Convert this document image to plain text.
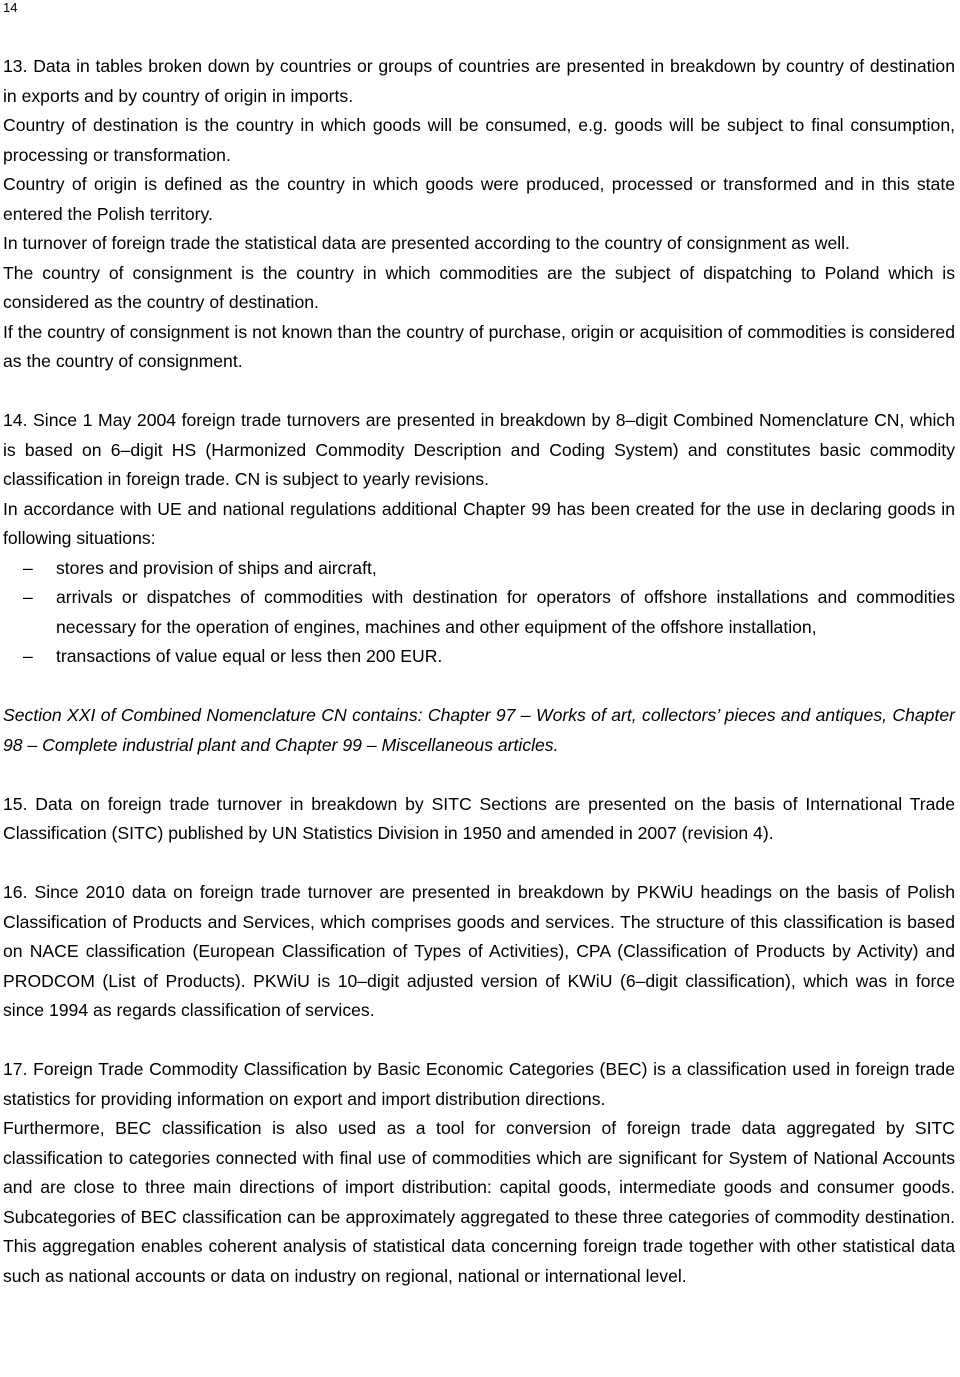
14

13. Data in tables broken down by countries or groups of countries are presented in breakdown by country of destination in exports and by country of origin in imports.

Country of destination is the country in which goods will be consumed, e.g. goods will be subject to final consumption, processing or transformation.

Country of origin is defined as the country in which goods were produced, processed or transformed and in this state entered the Polish territory.

In turnover of foreign trade the statistical data are presented according to the country of consignment as well.

The country of consignment is the country in which commodities are the subject of dispatching to Poland which is considered as the country of destination.

If the country of consignment is not known than the country of purchase, origin or acquisition of commodities is considered as the country of consignment.

14. Since 1 May 2004 foreign trade turnovers are presented in breakdown by 8–digit Combined Nomenclature CN, which is based on 6–digit HS (Harmonized Commodity Description and Coding System) and constitutes basic commodity classification in foreign trade. CN is subject to yearly revisions.

In accordance with UE and national regulations additional Chapter 99 has been created for the use in declaring goods in following situations:

– stores and provision of ships and aircraft,
– arrivals or dispatches of commodities with destination for operators of offshore installations and commodities necessary for the operation of engines, machines and other equipment of the offshore installation,
– transactions of value equal or less then 200 EUR.

Section XXI of Combined Nomenclature CN contains: Chapter 97 – Works of art, collectors’ pieces and antiques, Chapter 98 – Complete industrial plant and Chapter 99 – Miscellaneous articles.

15. Data on foreign trade turnover in breakdown by SITC Sections are presented on the basis of International Trade Classification (SITC) published by UN Statistics Division in 1950 and amended in 2007 (revision 4).

16. Since 2010 data on foreign trade turnover are presented in breakdown by PKWiU headings on the basis of Polish Classification of Products and Services, which comprises goods and services. The structure of this classification is based on NACE classification (European Classification of Types of Activities), CPA (Classification of Products by Activity) and PRODCOM (List of Products). PKWiU is 10–digit adjusted version of KWiU (6–digit classification), which was in force since 1994 as regards classification of services.

17. Foreign Trade Commodity Classification by Basic Economic Categories (BEC) is a classification used in foreign trade statistics for providing information on export and import distribution directions.

Furthermore, BEC classification is also used as a tool for conversion of foreign trade data aggregated by SITC classification to categories connected with final use of commodities which are significant for System of National Accounts and are close to three main directions of import distribution: capital goods, intermediate goods and consumer goods. Subcategories of BEC classification can be approximately aggregated to these three categories of commodity destination. This aggregation enables coherent analysis of statistical data concerning foreign trade together with other statistical data such as national accounts or data on industry on regional, national or international level.
